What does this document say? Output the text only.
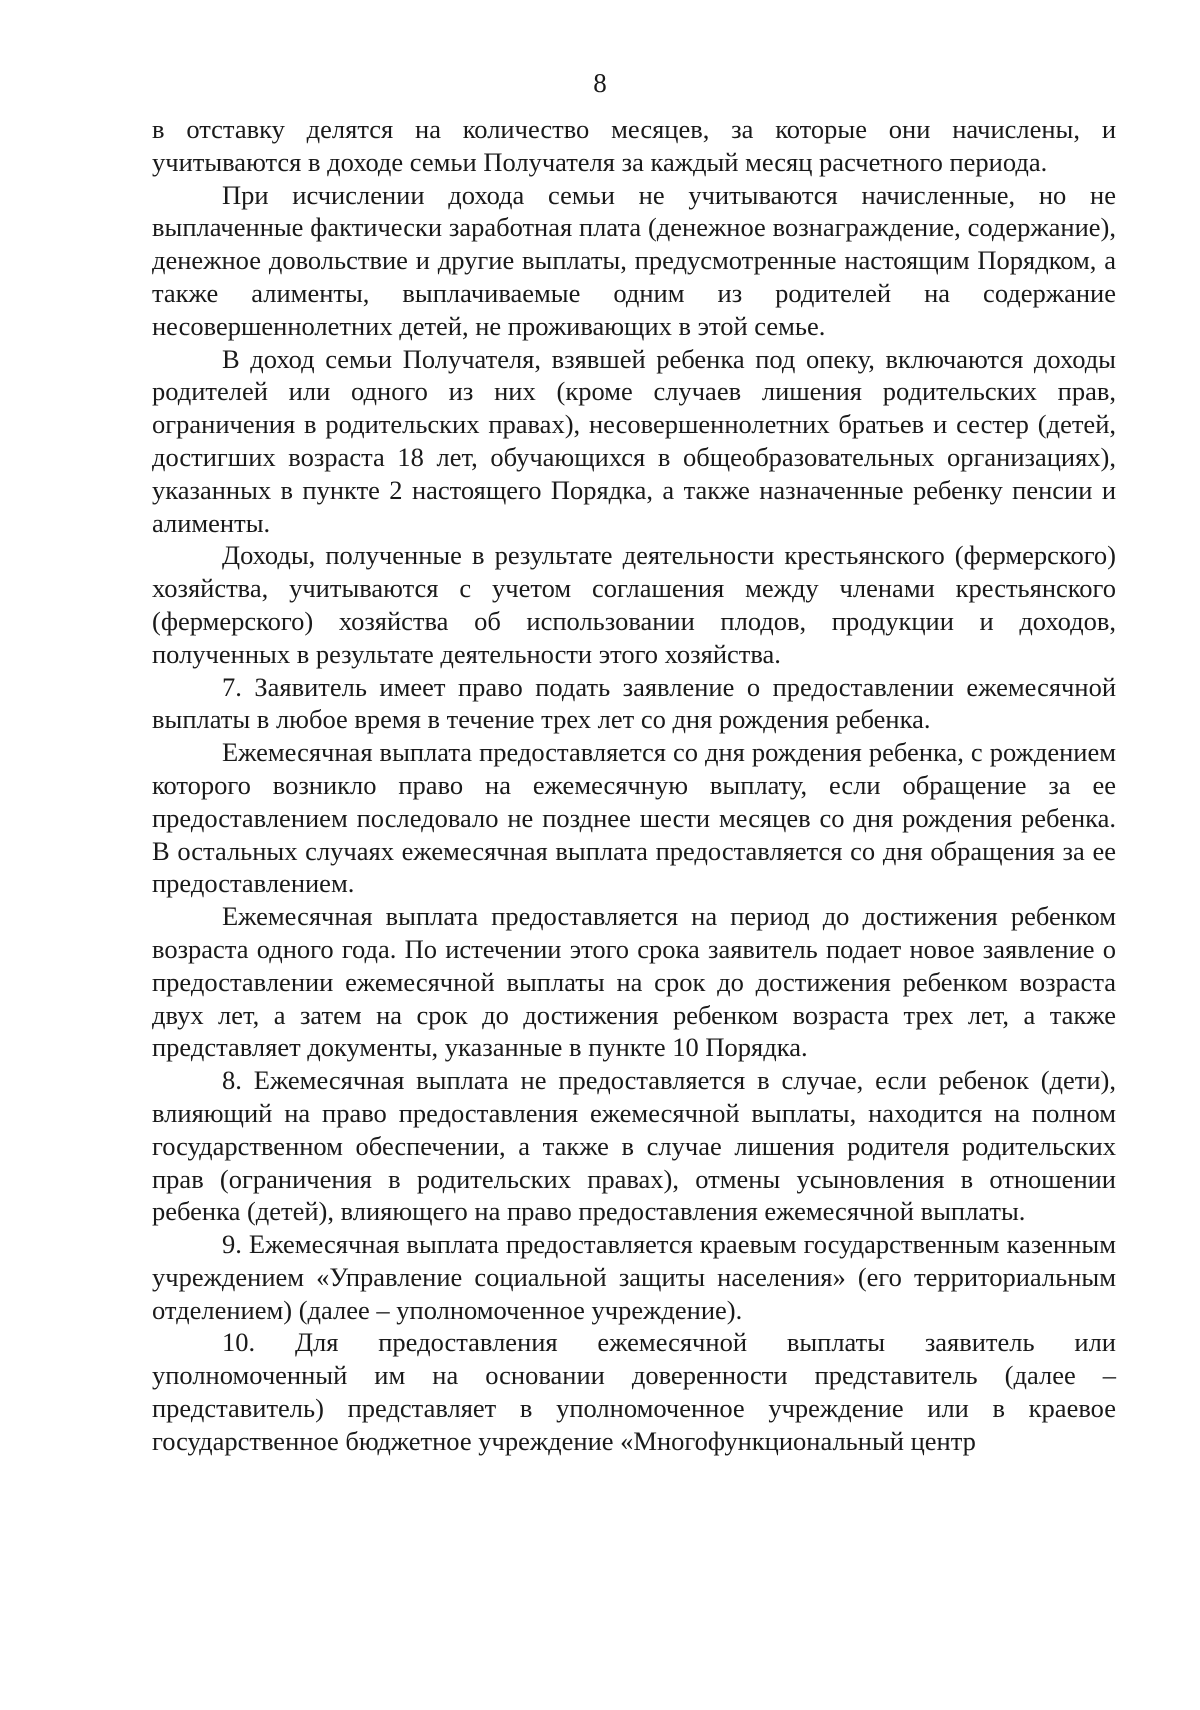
8

в отставку делятся на количество месяцев, за которые они начислены, и учитываются в доходе семьи Получателя за каждый месяц расчетного периода.

При исчислении дохода семьи не учитываются начисленные, но не выплаченные фактически заработная плата (денежное вознаграждение, содержание), денежное довольствие и другие выплаты, предусмотренные настоящим Порядком, а также алименты, выплачиваемые одним из родителей на содержание несовершеннолетних детей, не проживающих в этой семье.

В доход семьи Получателя, взявшей ребенка под опеку, включаются доходы родителей или одного из них (кроме случаев лишения родительских прав, ограничения в родительских правах), несовершеннолетних братьев и сестер (детей, достигших возраста 18 лет, обучающихся в общеобразовательных организациях), указанных в пункте 2 настоящего Порядка, а также назначенные ребенку пенсии и алименты.

Доходы, полученные в результате деятельности крестьянского (фермерского) хозяйства, учитываются с учетом соглашения между членами крестьянского (фермерского) хозяйства об использовании плодов, продукции и доходов, полученных в результате деятельности этого хозяйства.

7. Заявитель имеет право подать заявление о предоставлении ежемесячной выплаты в любое время в течение трех лет со дня рождения ребенка.

Ежемесячная выплата предоставляется со дня рождения ребенка, с рождением которого возникло право на ежемесячную выплату, если обращение за ее предоставлением последовало не позднее шести месяцев со дня рождения ребенка. В остальных случаях ежемесячная выплата предоставляется со дня обращения за ее предоставлением.

Ежемесячная выплата предоставляется на период до достижения ребенком возраста одного года. По истечении этого срока заявитель подает новое заявление о предоставлении ежемесячной выплаты на срок до достижения ребенком возраста двух лет, а затем на срок до достижения ребенком возраста трех лет, а также представляет документы, указанные в пункте 10 Порядка.

8. Ежемесячная выплата не предоставляется в случае, если ребенок (дети), влияющий на право предоставления ежемесячной выплаты, находится на полном государственном обеспечении, а также в случае лишения родителя родительских прав (ограничения в родительских правах), отмены усыновления в отношении ребенка (детей), влияющего на право предоставления ежемесячной выплаты.

9. Ежемесячная выплата предоставляется краевым государственным казенным учреждением «Управление социальной защиты населения» (его территориальным отделением) (далее – уполномоченное учреждение).

10. Для предоставления ежемесячной выплаты заявитель или уполномоченный им на основании доверенности представитель (далее – представитель) представляет в уполномоченное учреждение или в краевое государственное бюджетное учреждение «Многофункциональный центр
